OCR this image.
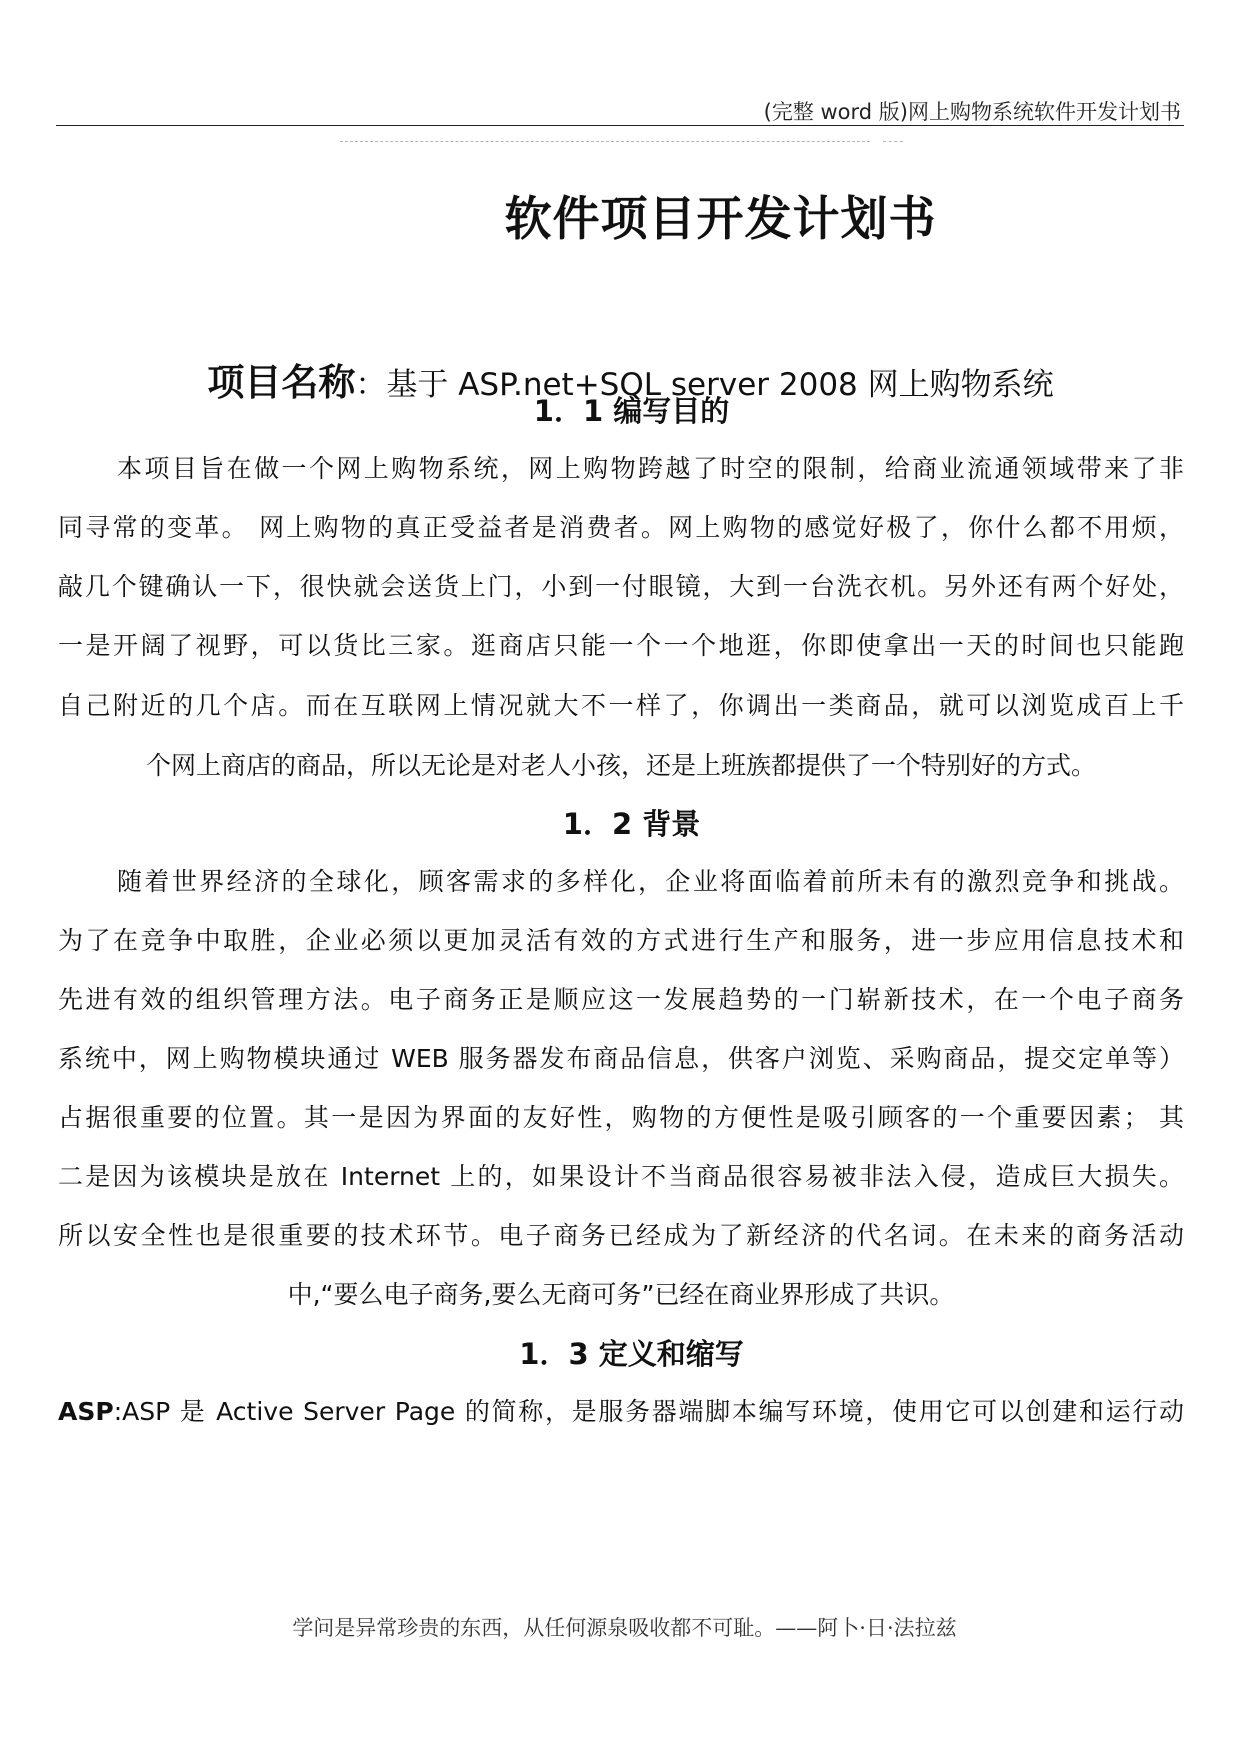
(完整 word 版)网上购物系统软件开发计划书
软件项目开发计划书
项目名称：基于 ASP.net+SQL server 2008 网上购物系统
1．1 编写目的
本项目旨在做一个网上购物系统，网上购物跨越了时空的限制，给商业流通领域带来了非
同寻常的变革。 网上购物的真正受益者是消费者。网上购物的感觉好极了，你什么都不用烦，
敲几个键确认一下，很快就会送货上门，小到一付眼镜，大到一台洗衣机。另外还有两个好处，
一是开阔了视野，可以货比三家。逛商店只能一个一个地逛，你即使拿出一天的时间也只能跑
自己附近的几个店。而在互联网上情况就大不一样了，你调出一类商品，就可以浏览成百上千
个网上商店的商品，所以无论是对老人小孩，还是上班族都提供了一个特别好的方式。
1．2 背景
随着世界经济的全球化，顾客需求的多样化，企业将面临着前所未有的激烈竞争和挑战。
为了在竞争中取胜，企业必须以更加灵活有效的方式进行生产和服务，进一步应用信息技术和
先进有效的组织管理方法。电子商务正是顺应这一发展趋势的一门崭新技术，在一个电子商务
系统中，网上购物模块通过 WEB 服务器发布商品信息，供客户浏览、采购商品，提交定单等）
占据很重要的位置。其一是因为界面的友好性，购物的方便性是吸引顾客的一个重要因素； 其
二是因为该模块是放在 Internet 上的，如果设计不当商品很容易被非法入侵，造成巨大损失。
所以安全性也是很重要的技术环节。电子商务已经成为了新经济的代名词。在未来的商务活动
中,“要么电子商务,要么无商可务”已经在商业界形成了共识。
1．3 定义和缩写
ASP:ASP 是 Active Server Page 的简称，是服务器端脚本编写环境，使用它可以创建和运行动
学问是异常珍贵的东西，从任何源泉吸收都不可耻。——阿卜·日·法拉兹
